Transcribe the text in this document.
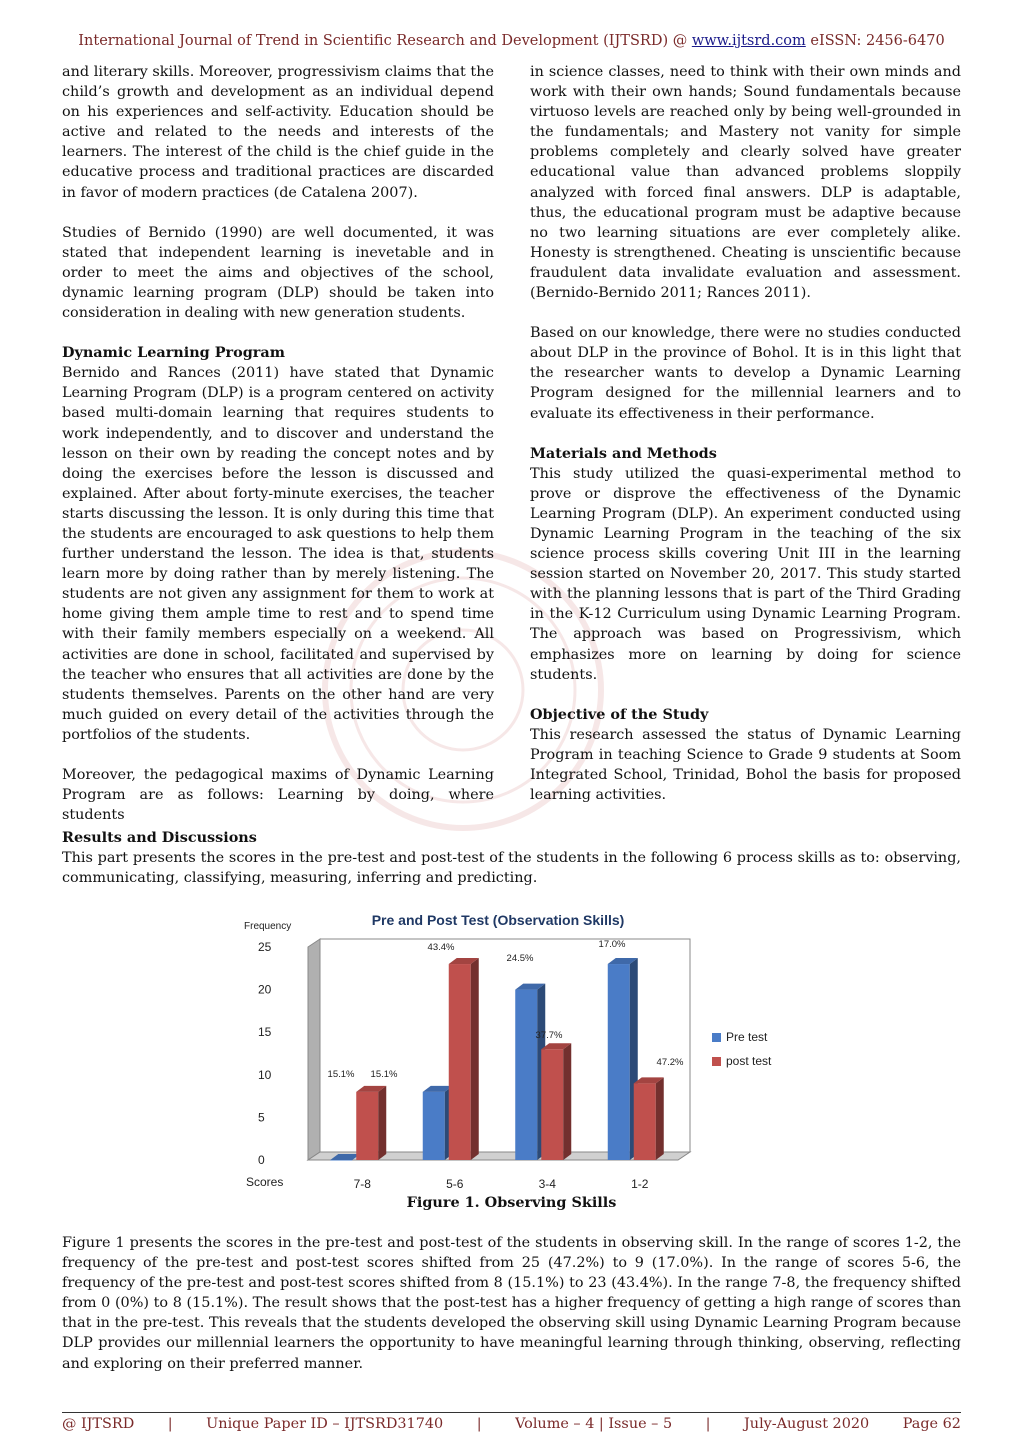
International Journal of Trend in Scientific Research and Development (IJTSRD) @ www.ijtsrd.com eISSN: 2456-6470

and literary skills. Moreover, progressivism claims that the child’s growth and development as an individual depend on his experiences and self-activity. Education should be active and related to the needs and interests of the learners. The interest of the child is the chief guide in the educative process and traditional practices are discarded in favor of modern practices (de Catalena 2007).

Studies of Bernido (1990) are well documented, it was stated that independent learning is inevetable and in order to meet the aims and objectives of the school, dynamic learning program (DLP) should be taken into consideration in dealing with new generation students.

Dynamic Learning Program

Bernido and Rances (2011) have stated that Dynamic Learning Program (DLP) is a program centered on activity based multi-domain learning that requires students to work independently, and to discover and understand the lesson on their own by reading the concept notes and by doing the exercises before the lesson is discussed and explained. After about forty-minute exercises, the teacher starts discussing the lesson. It is only during this time that the students are encouraged to ask questions to help them further understand the lesson. The idea is that, students learn more by doing rather than by merely listening. The students are not given any assignment for them to work at home giving them ample time to rest and to spend time with their family members especially on a weekend. All activities are done in school, facilitated and supervised by the teacher who ensures that all activities are done by the students themselves. Parents on the other hand are very much guided on every detail of the activities through the portfolios of the students.

Moreover, the pedagogical maxims of Dynamic Learning Program are as follows: Learning by doing, where students

in science classes, need to think with their own minds and work with their own hands; Sound fundamentals because virtuoso levels are reached only by being well-grounded in the fundamentals; and Mastery not vanity for simple problems completely and clearly solved have greater educational value than advanced problems sloppily analyzed with forced final answers. DLP is adaptable, thus, the educational program must be adaptive because no two learning situations are ever completely alike. Honesty is strengthened. Cheating is unscientific because fraudulent data invalidate evaluation and assessment. (Bernido-Bernido 2011; Rances 2011).

Based on our knowledge, there were no studies conducted about DLP in the province of Bohol. It is in this light that the researcher wants to develop a Dynamic Learning Program designed for the millennial learners and to evaluate its effectiveness in their performance.

Materials and Methods

This study utilized the quasi-experimental method to prove or disprove the effectiveness of the Dynamic Learning Program (DLP). An experiment conducted using Dynamic Learning Program in the teaching of the six science process skills covering Unit III in the learning session started on November 20, 2017. This study started with the planning lessons that is part of the Third Grading in the K-12 Curriculum using Dynamic Learning Program. The approach was based on Progressivism, which emphasizes more on learning by doing for science students.

Objective of the Study

This research assessed the status of Dynamic Learning Program in teaching Science to Grade 9 students at Soom Integrated School, Trinidad, Bohol the basis for proposed learning activities.

Results and Discussions

This part presents the scores in the pre-test and post-test of the students in the following 6 process skills as to: observing, communicating, classifying, measuring, inferring and predicting.

Pre and Post Test (Observation Skills)
Frequency
0
5
10
15
20
25
Scores	7-8	5-6	3-4	1-2
15.1% 15.1%
43.4%
24.5%
37.7%
17.0%
47.2%
Pre test
post test
Figure 1. Observing Skills

Figure 1 presents the scores in the pre-test and post-test of the students in observing skill. In the range of scores 1-2, the frequency of the pre-test and post-test scores shifted from 25 (47.2%) to 9 (17.0%). In the range of scores 5-6, the frequency of the pre-test and post-test scores shifted from 8 (15.1%) to 23 (43.4%). In the range 7-8, the frequency shifted from 0 (0%) to 8 (15.1%). The result shows that the post-test has a higher frequency of getting a high range of scores than that in the pre-test. This reveals that the students developed the observing skill using Dynamic Learning Program because DLP provides our millennial learners the opportunity to have meaningful learning through thinking, observing, reflecting and exploring on their preferred manner.

@ IJTSRD | Unique Paper ID – IJTSRD31740 | Volume – 4 | Issue – 5 | July-August 2020 Page 62
